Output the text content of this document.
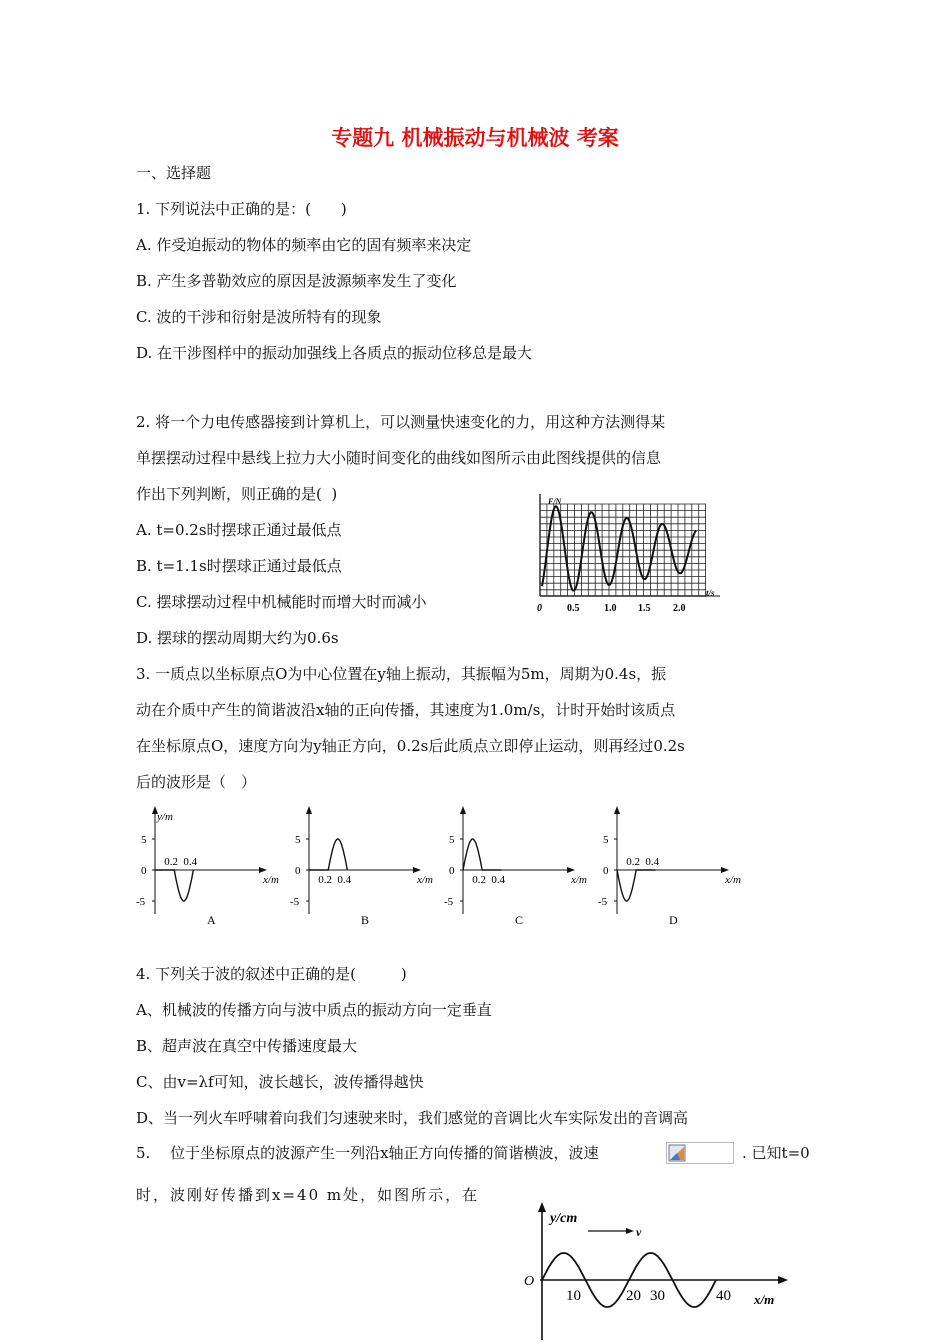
专题九 机械振动与机械波 考案
一、选择题
1. 下列说法中正确的是：(　　)
A. 作受迫振动的物体的频率由它的固有频率来决定
B. 产生多普勒效应的原因是波源频率发生了变化
C. 波的干涉和衍射是波所特有的现象
D. 在干涉图样中的振动加强线上各质点的振动位移总是最大
2. 将一个力电传感器接到计算机上，可以测量快速变化的力，用这种方法测得某
单摆摆动过程中悬线上拉力大小随时间变化的曲线如图所示由此图线提供的信息
作出下列判断，则正确的是(  )
A. t=0.2s时摆球正通过最低点
B. t=1.1s时摆球正通过最低点
C. 摆球摆动过程中机械能时而增大时而减小
D. 摆球的摆动周期大约为0.6s
F/N
t/s
0	0.5 1.0 1.5 2.0
3. 一质点以坐标原点O为中心位置在y轴上振动，其振幅为5m，周期为0.4s，振
动在介质中产生的简谐波沿x轴的正向传播，其速度为1.0m/s，计时开始时该质点
在坐标原点O，速度方向为y轴正方向，0.2s后此质点立即停止运动，则再经过0.2s
后的波形是（　）
y/m
5
0
-5
0.2 0.4
x/m
A
5
0
-5
0.2 0.4	x/m
B
5
0
-5
0.2 0.4	x/m
C
5
0
-5
0.2 0.4
x/m
D
4. 下列关于波的叙述中正确的是(　　　)
A、机械波的传播方向与波中质点的振动方向一定垂直
B、超声波在真空中传播速度最大
C、由v=λf可知，波长越长，波传播得越快
D、当一列火车呼啸着向我们匀速驶来时，我们感觉的音调比火车实际发出的音调高
5.　 位于坐标原点的波源产生一列沿x轴正方向传播的简谐横波，波速	. 已知t=0
时，波刚好传播到x=40 m处，如图所示，在
y/cm
v
O
10	20 30	40 x/m
